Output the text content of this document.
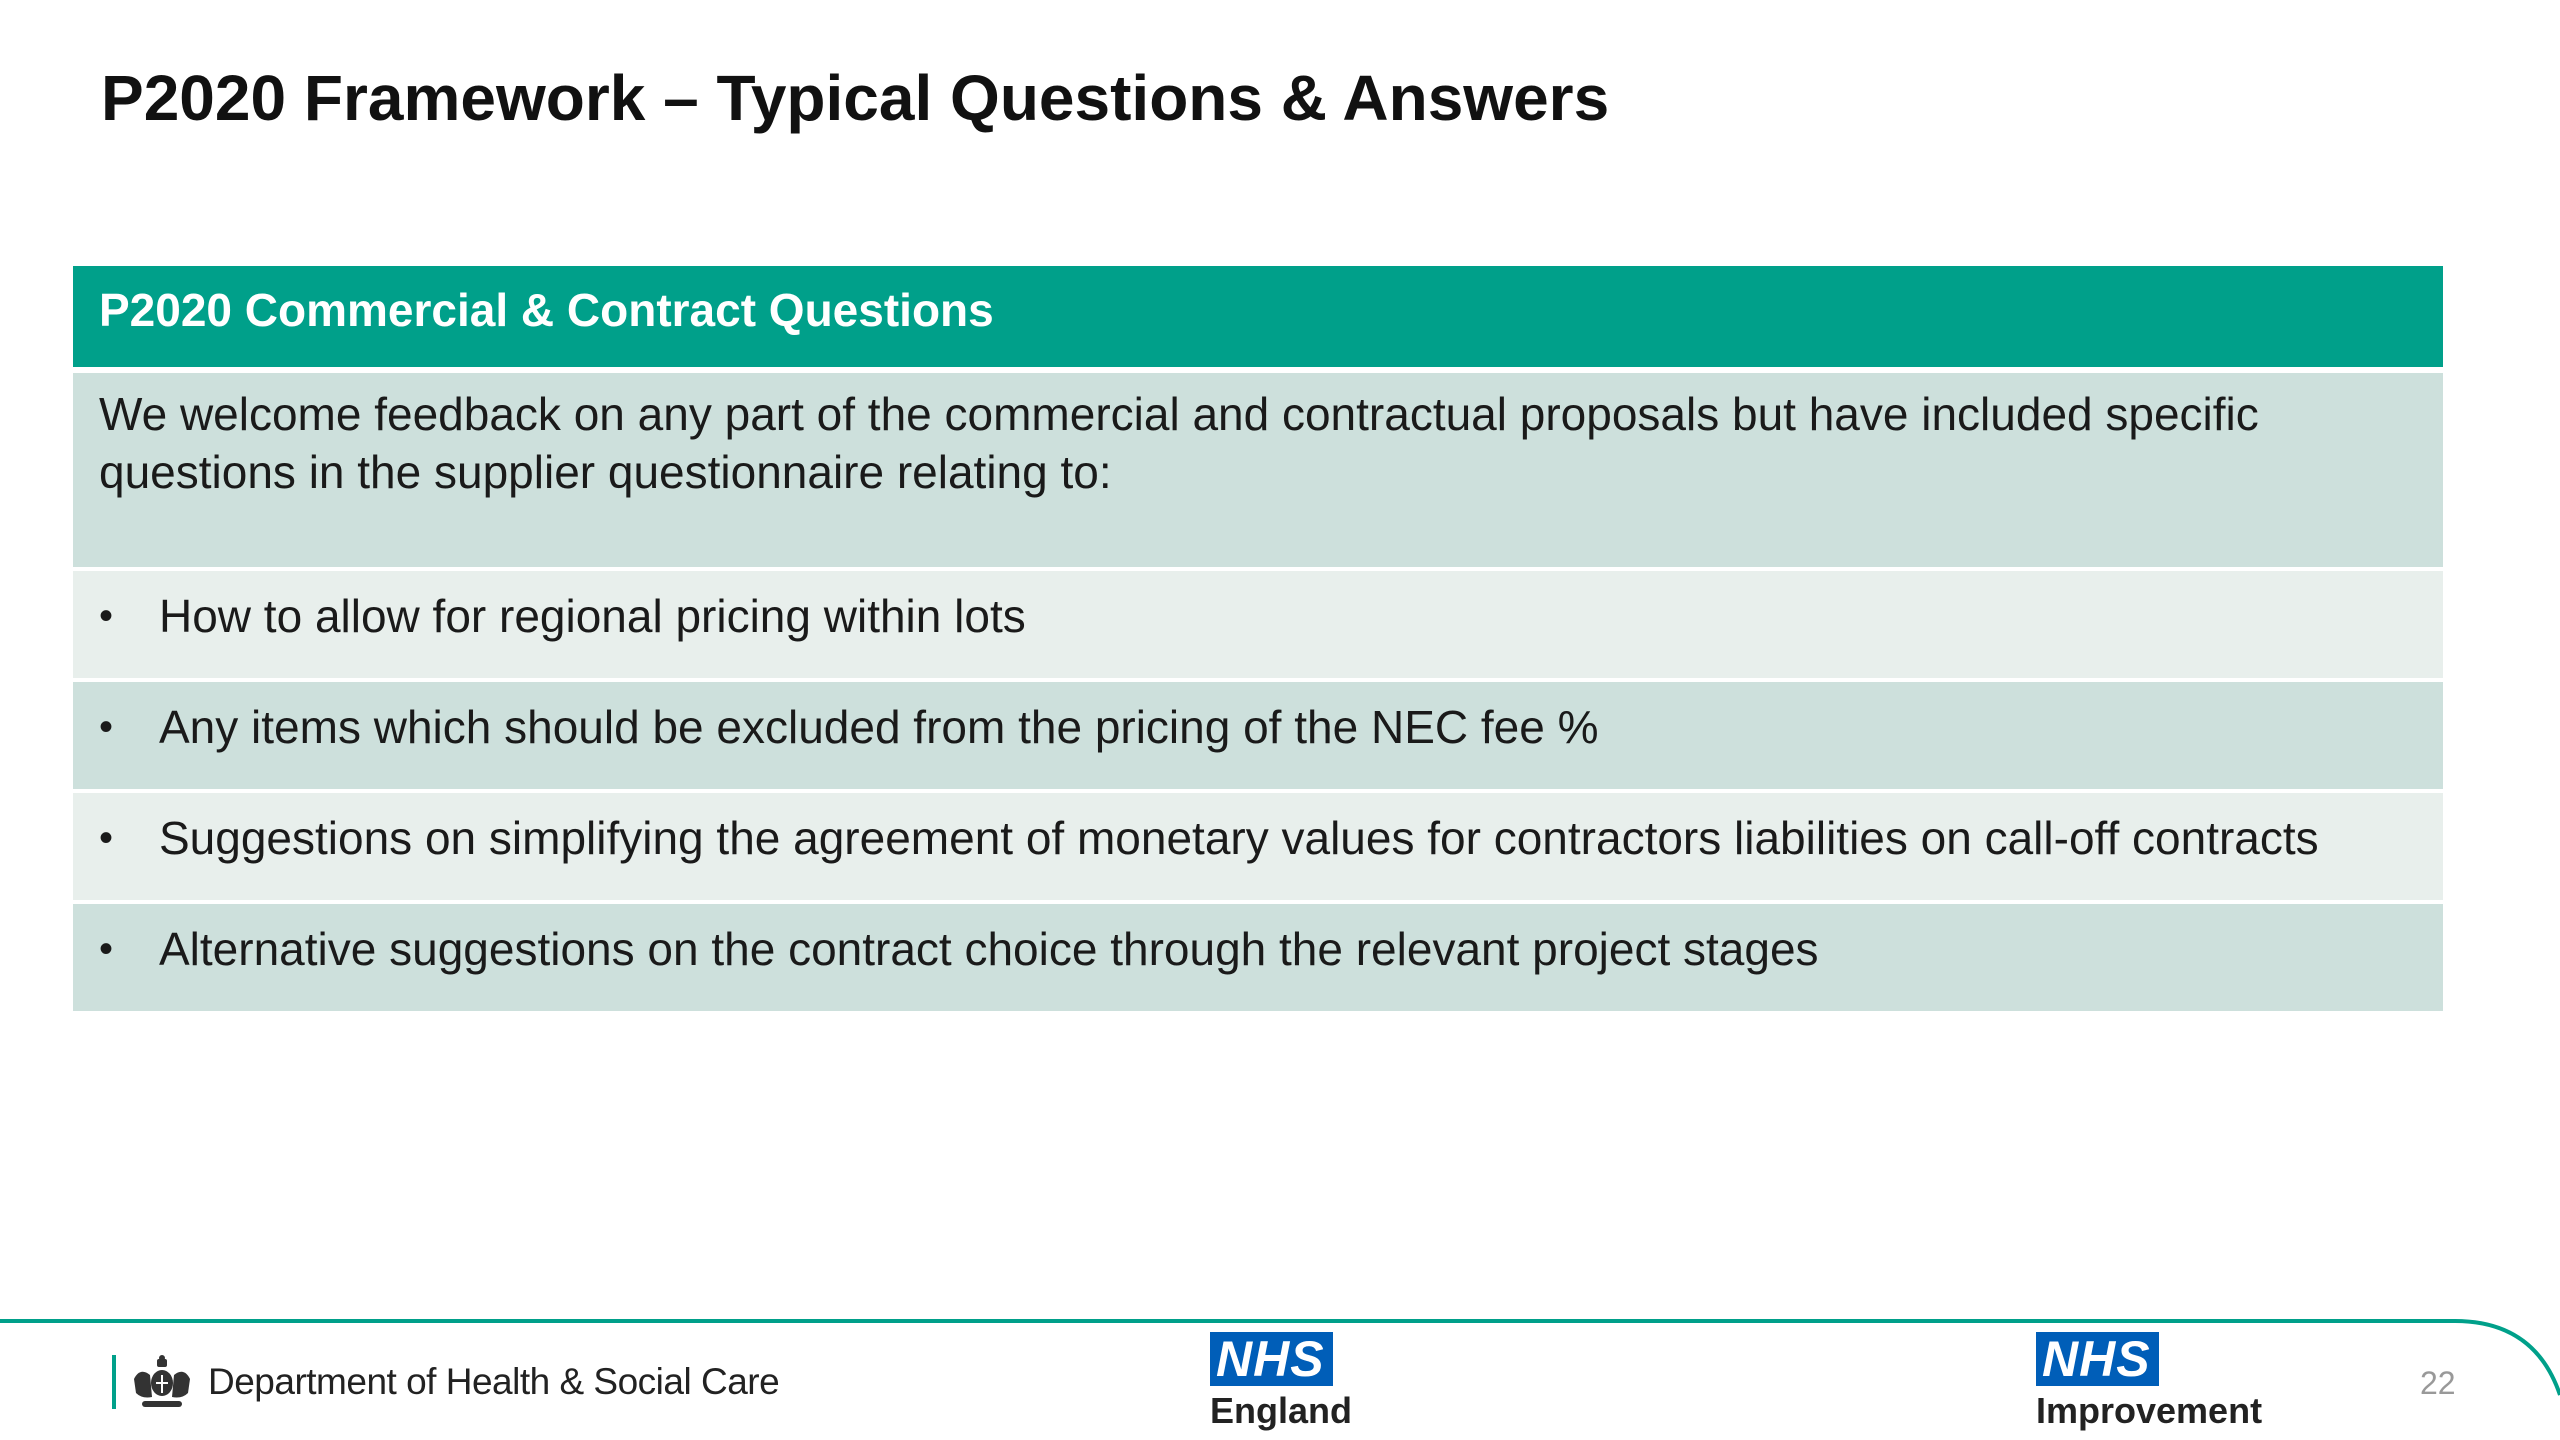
P2020 Framework – Typical Questions & Answers
P2020 Commercial & Contract Questions
We welcome feedback on any part of the commercial and contractual proposals but have included specific questions in the supplier questionnaire relating to:
• How to allow for regional pricing within lots
• Any items which should be excluded from the pricing of the NEC fee %
• Suggestions on simplifying the agreement of monetary values for contractors liabilities on call-off contracts
• Alternative suggestions on the contract choice through the relevant project stages
Department of Health & Social Care	NHS
England
NHS
Improvement
22
